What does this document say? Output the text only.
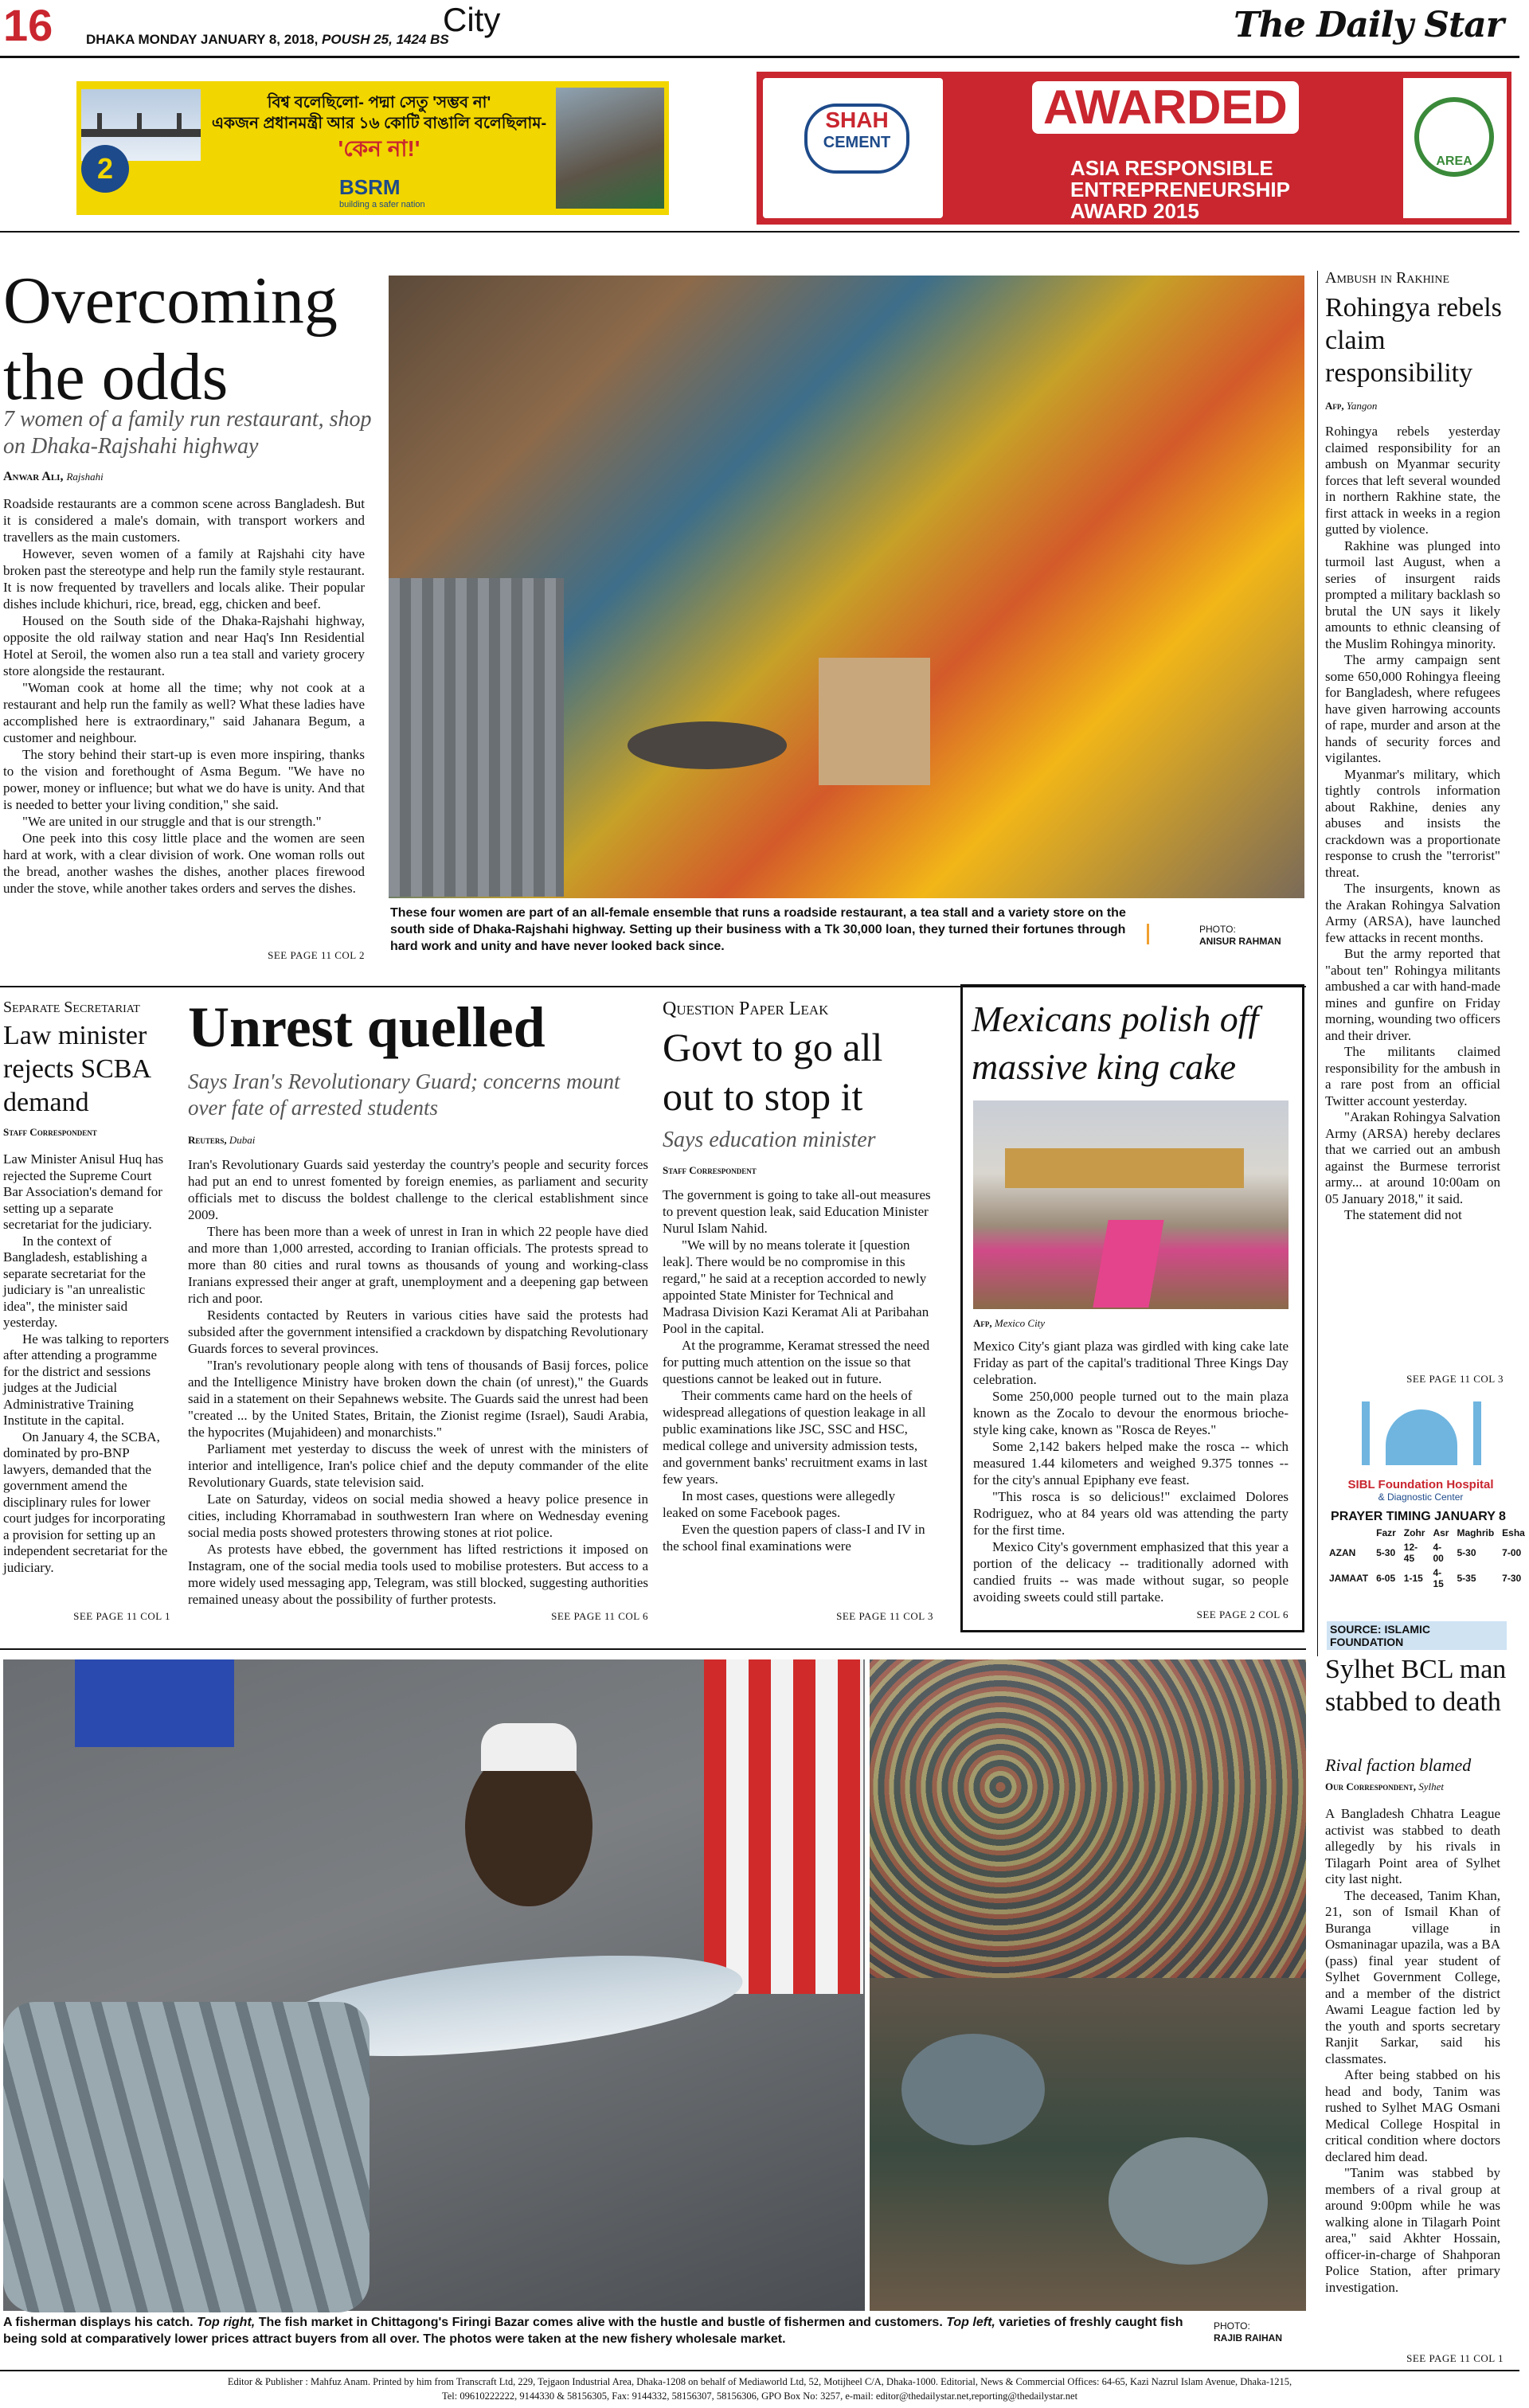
16 DHAKA MONDAY JANUARY 8, 2018, POUSH 25, 1424 BS
City	The Daily Star
2
বিশ্ব বলেছিলো- পদ্মা সেতু 'সম্ভব না'
একজন প্রধানমন্ত্রী আর ১৬ কোটি বাঙালি বলেছিলাম-
'কেন না!'
BSRM
building a safer nation
SHAH
CEMENT
AWARDED
ASIA RESPONSIBLE
ENTREPRENEURSHIP
AWARD 2015
AREA
Overcoming the odds
7 women of a family run restaurant, shop on Dhaka-Rajshahi highway
Anwar Ali, Rajshahi

Roadside restaurants are a common scene across Bangladesh. But it is considered a male's domain, with transport workers and travellers as the main customers.

However, seven women of a family at Rajshahi city have broken past the stereotype and help run the family style restaurant. It is now frequented by travellers and locals alike. Their popular dishes include khichuri, rice, bread, egg, chicken and beef.

Housed on the South side of the Dhaka-Rajshahi highway, opposite the old railway station and near Haq's Inn Residential Hotel at Seroil, the women also run a tea stall and variety grocery store alongside the restaurant.

"Woman cook at home all the time; why not cook at a restaurant and help run the family as well? What these ladies have accomplished here is extraordinary," said Jahanara Begum, a customer and neighbour.

The story behind their start-up is even more inspiring, thanks to the vision and forethought of Asma Begum. "We have no power, money or influence; but what we do have is unity. And that is needed to better your living condition," she said.

"We are united in our struggle and that is our strength."

One peek into this cosy little place and the women are seen hard at work, with a clear division of work. One woman rolls out the bread, another washes the dishes, another places firewood under the stove, while another takes orders and serves the dishes.

SEE PAGE 11 COL 2
These four women are part of an all-female ensemble that runs a roadside restaurant, a tea stall and a variety store on the south side of Dhaka-Rajshahi highway. Setting up their business with a Tk 30,000 loan, they turned their fortunes through hard work and unity and have never looked back since.
PHOTO:
ANISUR RAHMAN
Ambush in Rakhine
Rohingya rebels claim responsibility
Afp, Yangon

Rohingya rebels yesterday claimed responsibility for an ambush on Myanmar security forces that left several wounded in northern Rakhine state, the first attack in weeks in a region gutted by violence.

Rakhine was plunged into turmoil last August, when a series of insurgent raids prompted a military backlash so brutal the UN says it likely amounts to ethnic cleansing of the Muslim Rohingya minority.

The army campaign sent some 650,000 Rohingya fleeing for Bangladesh, where refugees have given harrowing accounts of rape, murder and arson at the hands of security forces and vigilantes.

Myanmar's military, which tightly controls information about Rakhine, denies any abuses and insists the crackdown was a proportionate response to crush the "terrorist" threat.

The insurgents, known as the Arakan Rohingya Salvation Army (ARSA), have launched few attacks in recent months.

But the army reported that "about ten" Rohingya militants ambushed a car with hand-made mines and gunfire on Friday morning, wounding two officers and their driver.

The militants claimed responsibility for the ambush in a rare post from an official Twitter account yesterday.

"Arakan Rohingya Salvation Army (ARSA) hereby declares that we carried out an ambush against the Burmese terrorist army... at around 10:00am on 05 January 2018," it said.

The statement did not

SEE PAGE 11 COL 3
Separate Secretariat
Law minister rejects SCBA demand
Staff Correspondent

Law Minister Anisul Huq has rejected the Supreme Court Bar Association's demand for setting up a separate secretariat for the judiciary.

In the context of Bangladesh, establishing a separate secretariat for the judiciary is "an unrealistic idea", the minister said yesterday.

He was talking to reporters after attending a programme for the district and sessions judges at the Judicial Administrative Training Institute in the capital.

On January 4, the SCBA, dominated by pro-BNP lawyers, demanded that the government amend the disciplinary rules for lower court judges for incorporating a provision for setting up an independent secretariat for the judiciary.

SEE PAGE 11 COL 1
Unrest quelled
Says Iran's Revolutionary Guard; concerns mount over fate of arrested students
Reuters, Dubai

Iran's Revolutionary Guards said yesterday the country's people and security forces had put an end to unrest fomented by foreign enemies, as parliament and security officials met to discuss the boldest challenge to the clerical establishment since 2009.

There has been more than a week of unrest in Iran in which 22 people have died and more than 1,000 arrested, according to Iranian officials. The protests spread to more than 80 cities and rural towns as thousands of young and working-class Iranians expressed their anger at graft, unemployment and a deepening gap between rich and poor.

Residents contacted by Reuters in various cities have said the protests had subsided after the government intensified a crackdown by dispatching Revolutionary Guards forces to several provinces.

"Iran's revolutionary people along with tens of thousands of Basij forces, police and the Intelligence Ministry have broken down the chain (of unrest)," the Guards said in a statement on their Sepahnews website. The Guards said the unrest had been "created ... by the United States, Britain, the Zionist regime (Israel), Saudi Arabia, the hypocrites (Mujahideen) and monarchists."

Parliament met yesterday to discuss the week of unrest with the ministers of interior and intelligence, Iran's police chief and the deputy commander of the elite Revolutionary Guards, state television said.

Late on Saturday, videos on social media showed a heavy police presence in cities, including Khorramabad in southwestern Iran where on Wednesday evening social media posts showed protesters throwing stones at riot police.

As protests have ebbed, the government has lifted restrictions it imposed on Instagram, one of the social media tools used to mobilise protesters. But access to a more widely used messaging app, Telegram, was still blocked, suggesting authorities remained uneasy about the possibility of further protests.

SEE PAGE 11 COL 6
Question Paper Leak
Govt to go all out to stop it
Says education minister
Staff Correspondent

The government is going to take all-out measures to prevent question leak, said Education Minister Nurul Islam Nahid.

"We will by no means tolerate it [question leak]. There would be no compromise in this regard," he said at a reception accorded to newly appointed State Minister for Technical and Madrasa Division Kazi Keramat Ali at Paribahan Pool in the capital.

At the programme, Keramat stressed the need for putting much attention on the issue so that questions cannot be leaked out in future.

Their comments came hard on the heels of widespread allegations of question leakage in all public examinations like JSC, SSC and HSC, medical college and university admission tests, and government banks' recruitment exams in last few years.

In most cases, questions were allegedly leaked on some Facebook pages.

Even the question papers of class-I and IV in the school final examinations were

SEE PAGE 11 COL 3
Mexicans polish off massive king cake
Afp, Mexico City

Mexico City's giant plaza was girdled with king cake late Friday as part of the capital's traditional Three Kings Day celebration.

Some 250,000 people turned out to the main plaza known as the Zocalo to devour the enormous brioche-style king cake, known as "Rosca de Reyes."

Some 2,142 bakers helped make the rosca -- which measured 1.44 kilometers and weighed 9.375 tonnes -- for the city's annual Epiphany eve feast.

"This rosca is so delicious!" exclaimed Dolores Rodriguez, who at 84 years old was attending the party for the first time.

Mexico City's government emphasized that this year a portion of the delicacy -- traditionally adorned with candied fruits -- was made without sugar, so people avoiding sweets could still partake.

SEE PAGE 2 COL 6
SIBL Foundation Hospital
& Diagnostic Center
PRAYER TIMING JANUARY 8
	Fazr	Zohr	Asr	Maghrib	Esha
AZAN	5-30	12-45	4-00	5-30	7-00
JAMAAT	6-05	1-15	4-15	5-35	7-30
SOURCE: ISLAMIC FOUNDATION
Sylhet BCL man stabbed to death
Rival faction blamed
Our Correspondent, Sylhet

A Bangladesh Chhatra League activist was stabbed to death allegedly by his rivals in Tilagarh Point area of Sylhet city last night.

The deceased, Tanim Khan, 21, son of Ismail Khan of Buranga village in Osmaninagar upazila, was a BA (pass) final year student of Sylhet Government College, and a member of the district Awami League faction led by the youth and sports secretary Ranjit Sarkar, said his classmates.

After being stabbed on his head and body, Tanim was rushed to Sylhet MAG Osmani Medical College Hospital in critical condition where doctors declared him dead.

"Tanim was stabbed by members of a rival group at around 9:00pm while he was walking alone in Tilagarh Point area," said Akhter Hossain, officer-in-charge of Shahporan Police Station, after primary investigation.

SEE PAGE 11 COL 1
A fisherman displays his catch. Top right, The fish market in Chittagong's Firingi Bazar comes alive with the hustle and bustle of fishermen and customers. Top left, varieties of freshly caught fish being sold at comparatively lower prices attract buyers from all over. The photos were taken at the new fishery wholesale market.
PHOTO:
RAJIB RAIHAN
Editor & Publisher : Mahfuz Anam. Printed by him from Transcraft Ltd, 229, Tejgaon Industrial Area, Dhaka-1208 on behalf of Mediaworld Ltd, 52, Motijheel C/A, Dhaka-1000. Editorial, News & Commercial Offices: 64-65, Kazi Nazrul Islam Avenue, Dhaka-1215,
Tel: 09610222222, 9144330 & 58156305, Fax: 9144332, 58156307, 58156306, GPO Box No: 3257, e-mail: editor@thedailystar.net,reporting@thedailystar.net
